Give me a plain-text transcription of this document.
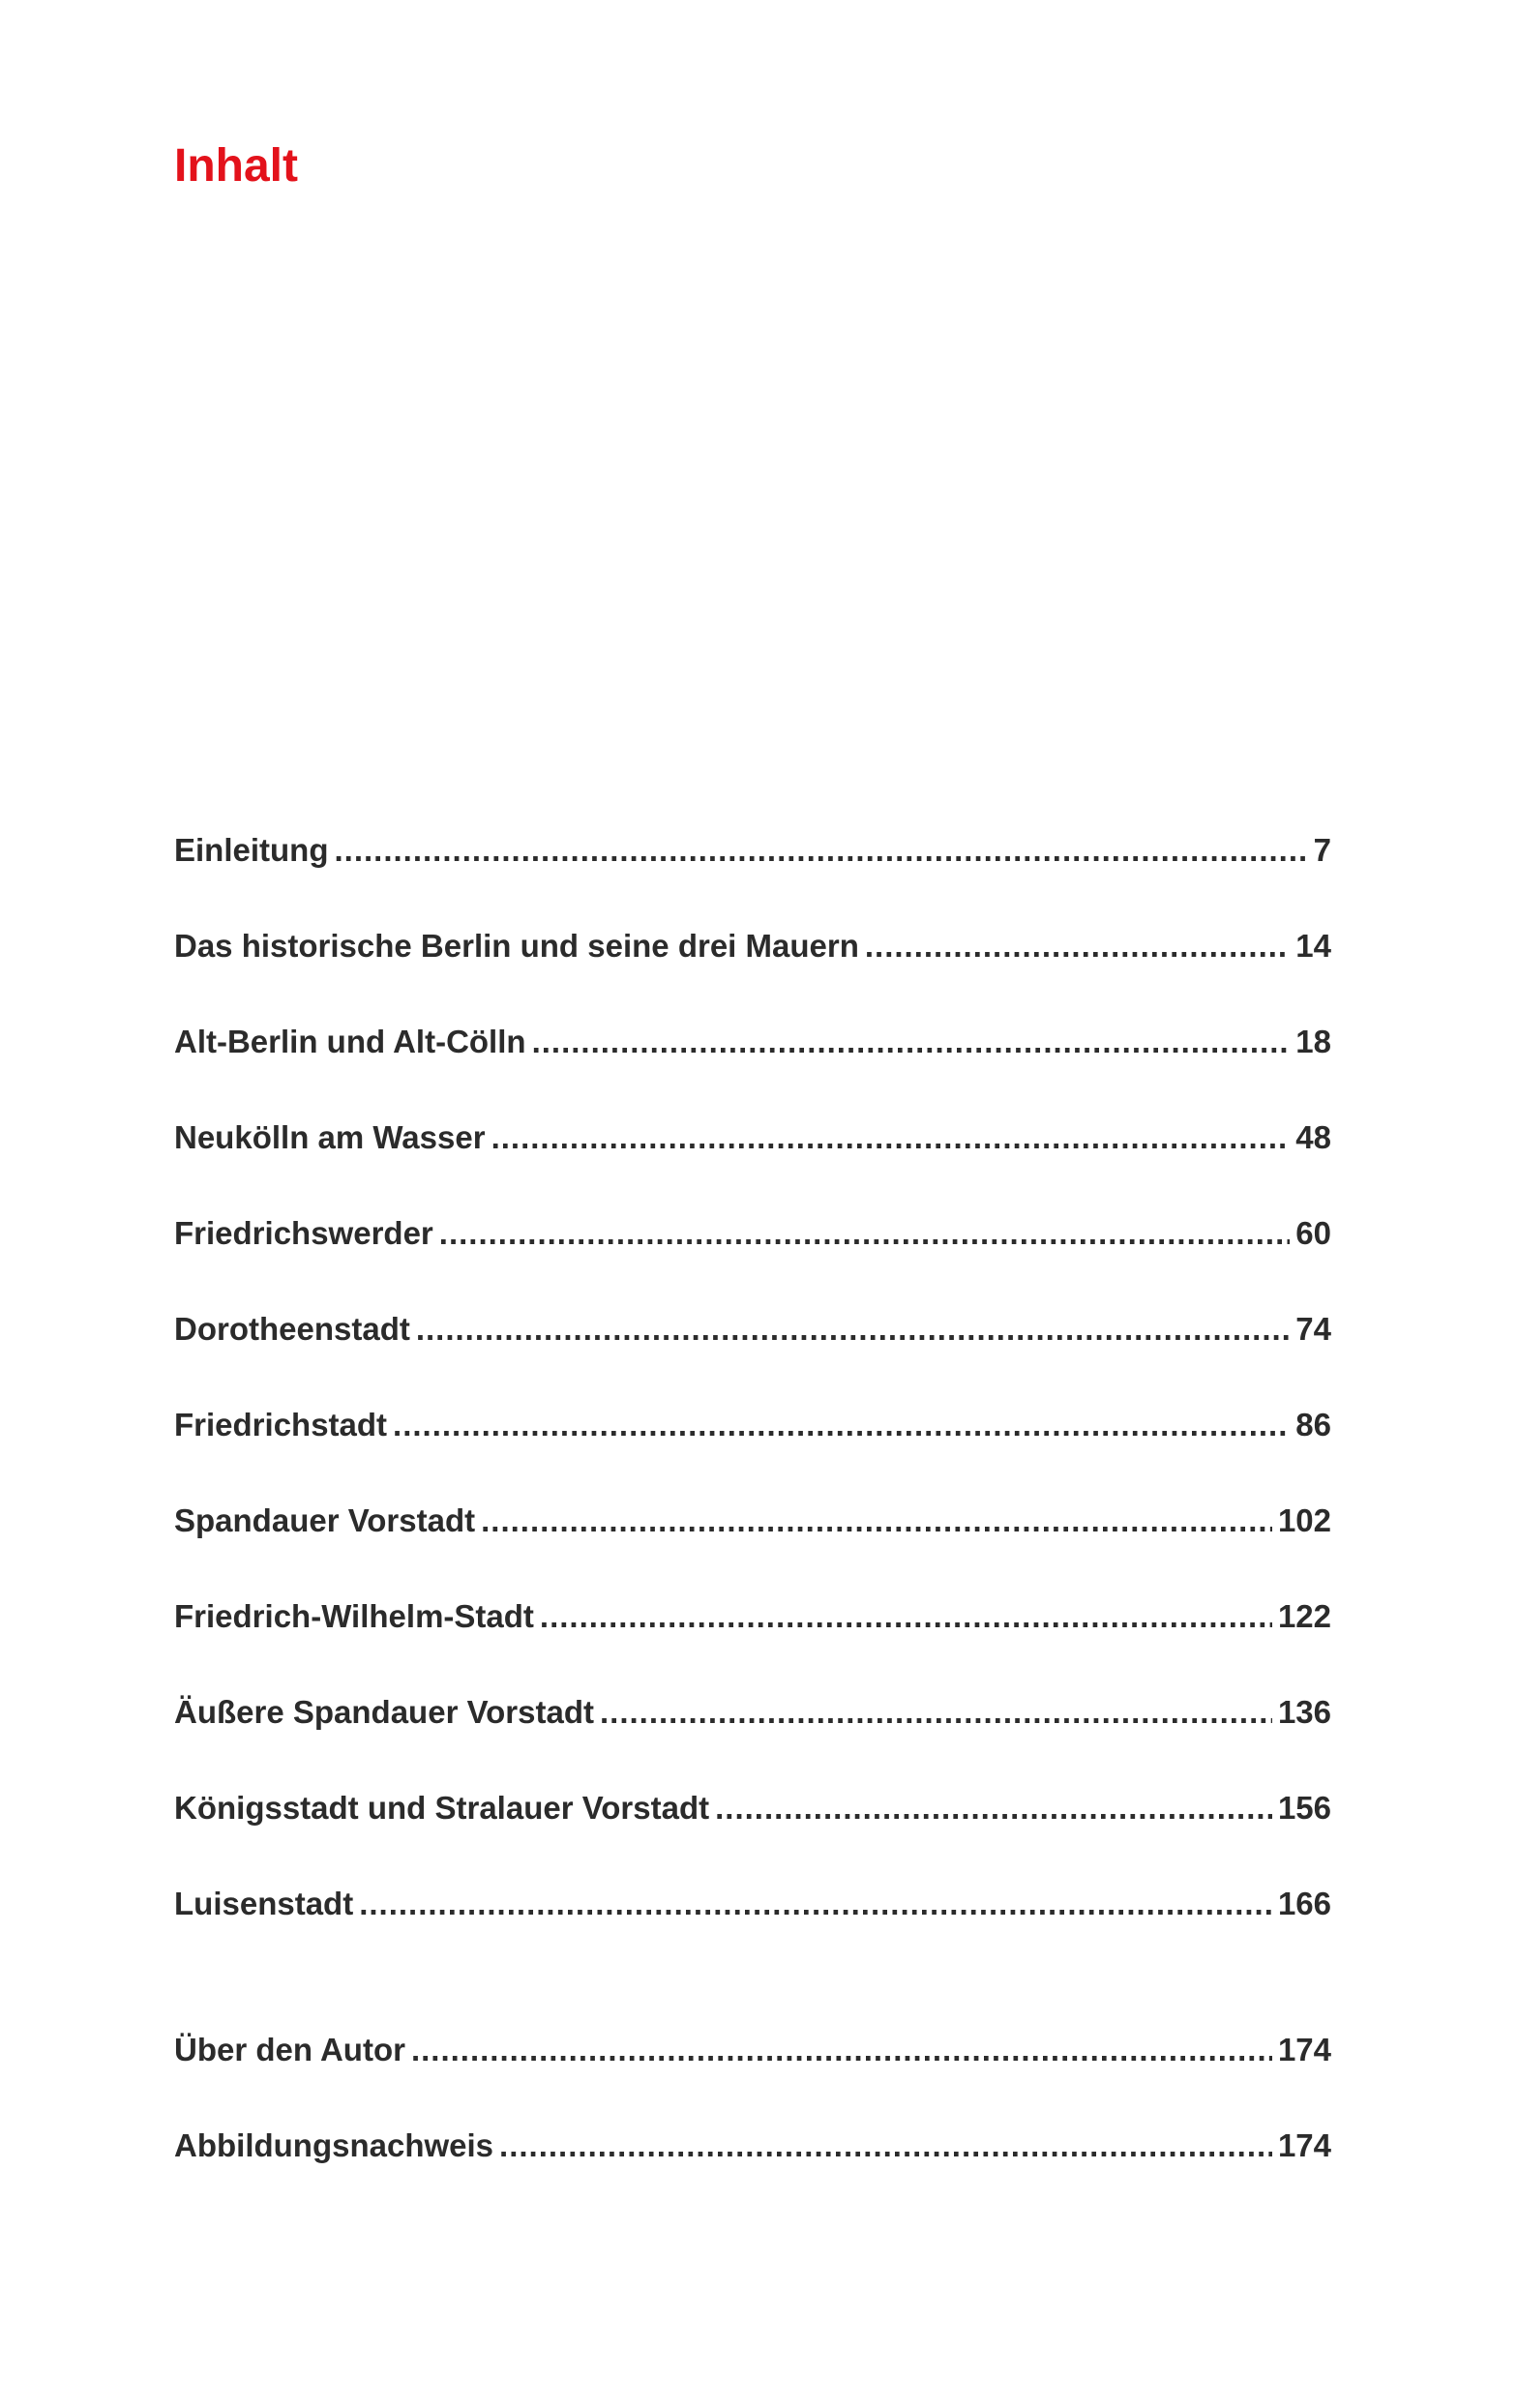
Inhalt
Einleitung .....	7
Das historische Berlin und seine drei Mauern .....	14
Alt-Berlin und Alt-Cölln .....	18
Neukölln am Wasser .....	48
Friedrichswerder .....	60
Dorotheenstadt .....	74
Friedrichstadt .....	86
Spandauer Vorstadt .....	102
Friedrich-Wilhelm-Stadt .....	122
Äußere Spandauer Vorstadt .....	136
Königsstadt und Stralauer Vorstadt .....	156
Luisenstadt .....	166
Über den Autor .....	174
Abbildungsnachweis .....	174
